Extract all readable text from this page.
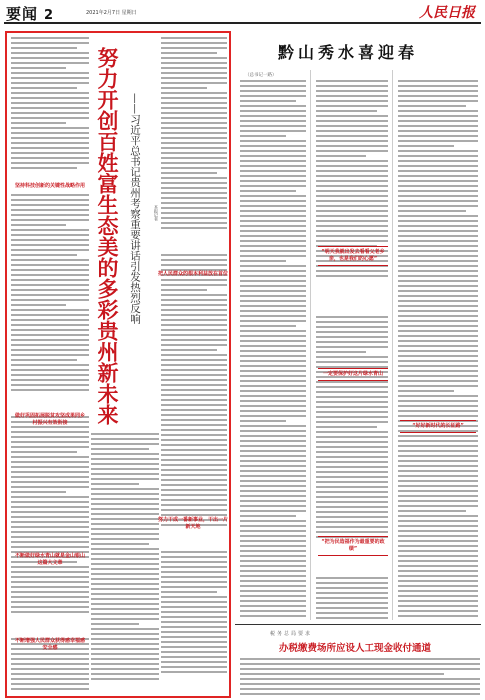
要闻 2	2021年2月7日 星期日	人民日报
坚持科技创新的关键性战略作用
做好巩固拓展脱贫攻坚成果同乡村振兴有效衔接
不断增强人民群众获得感幸福感安全感
努力开创百姓富生态美的多彩贵州新未来 ——习近平总书记贵州考察重要讲话引发热烈反响	本报记者
把人民群众的根本利益放在首位
努力干成一番新事业，干出一片新天地
不断做好绿水青山就是金山银山这篇大文章
黔山秀水喜迎春
（总书记一路）
“明天我就出发去看看父老乡亲，也是我们的心愿”
一定要保护好这片绿水青山
“好好新时代的长征路”
“把为民造福作为最重要的政绩”
税务总局要求
办税缴费场所应设人工现金收付通道
